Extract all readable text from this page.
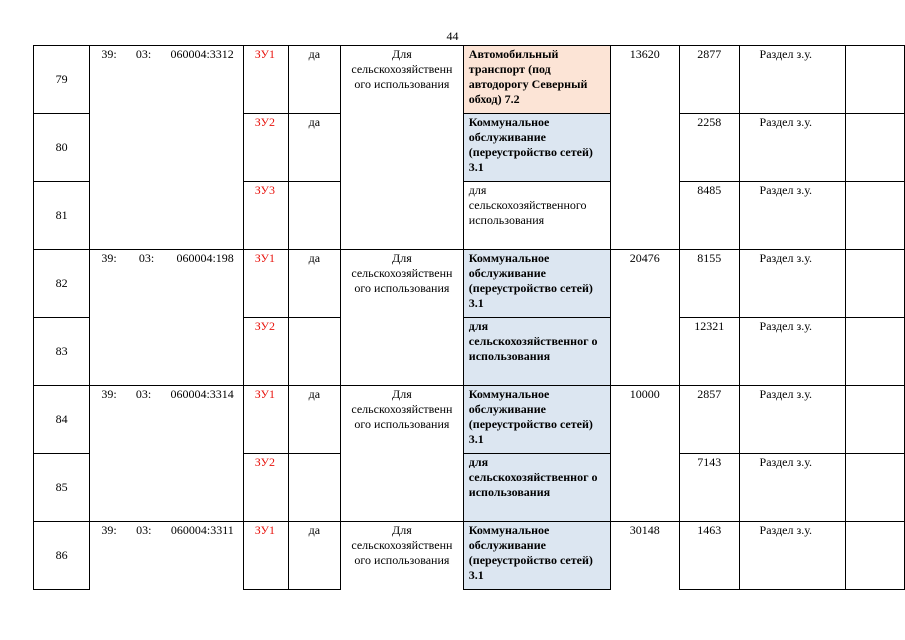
44
79	39: 03: 060004:3312	ЗУ1	да	Для сельскохозяйственн ого использования	Автомобильный транспорт (под автодорогу Северный обход) 7.2	13620	2877	Раздел з.у.	
80		ЗУ2	да		Коммунальное обслуживание (переустройство сетей) 3.1		2258	Раздел з.у.	
81		ЗУ3			для сельскохозяйственного использования		8485	Раздел з.у.	
82	39: 03: 060004:198	ЗУ1	да	Для сельскохозяйственн ого использования	Коммунальное обслуживание (переустройство сетей) 3.1	20476	8155	Раздел з.у.	
83		ЗУ2			для сельскохозяйственног о использования		12321	Раздел з.у.	
84	39: 03: 060004:3314	ЗУ1	да	Для сельскохозяйственн ого использования	Коммунальное обслуживание (переустройство сетей) 3.1	10000	2857	Раздел з.у.	
85		ЗУ2			для сельскохозяйственног о использования		7143	Раздел з.у.	
86	39: 03: 060004:3311	ЗУ1	да	Для сельскохозяйственн ого использования	Коммунальное обслуживание (переустройство сетей) 3.1	30148	1463	Раздел з.у.	
